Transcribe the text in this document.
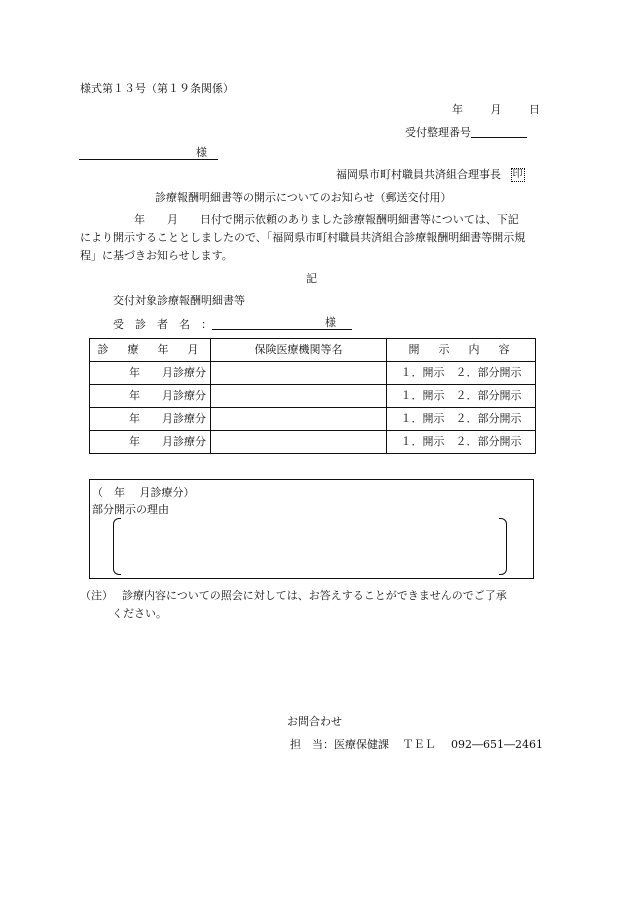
様式第１３号（第１９条関係）
年	月	日
受付整理番号
様
福岡県市町村職員共済組合理事長 印
診療報酬明細書等の開示についてのお知らせ（郵送交付用）
年　　月　　日付で開示依頼のありました診療報酬明細書等については、下記
により開示することとしましたので、｢福岡県市町村職員共済組合診療報酬明細書等開示規
程」に基づきお知らせします。
記
交付対象診療報酬明細書等
受　診　者　名　：	様
診　療　年　月	保険医療機関等名	開　示　内　容
年　　月診療分		１．開示　２．部分開示
年　　月診療分		１．開示　２．部分開示
年　　月診療分		１．開示　２．部分開示
年　　月診療分		１．開示　２．部分開示
（　年　 月診療分）
部分開示の理由
（注） 診療内容についての照会に対しては、お答えすることができませんのでご了承
ください。
お問合わせ
担　当：医療保健課 ＴＥＬ 092―651―2461
